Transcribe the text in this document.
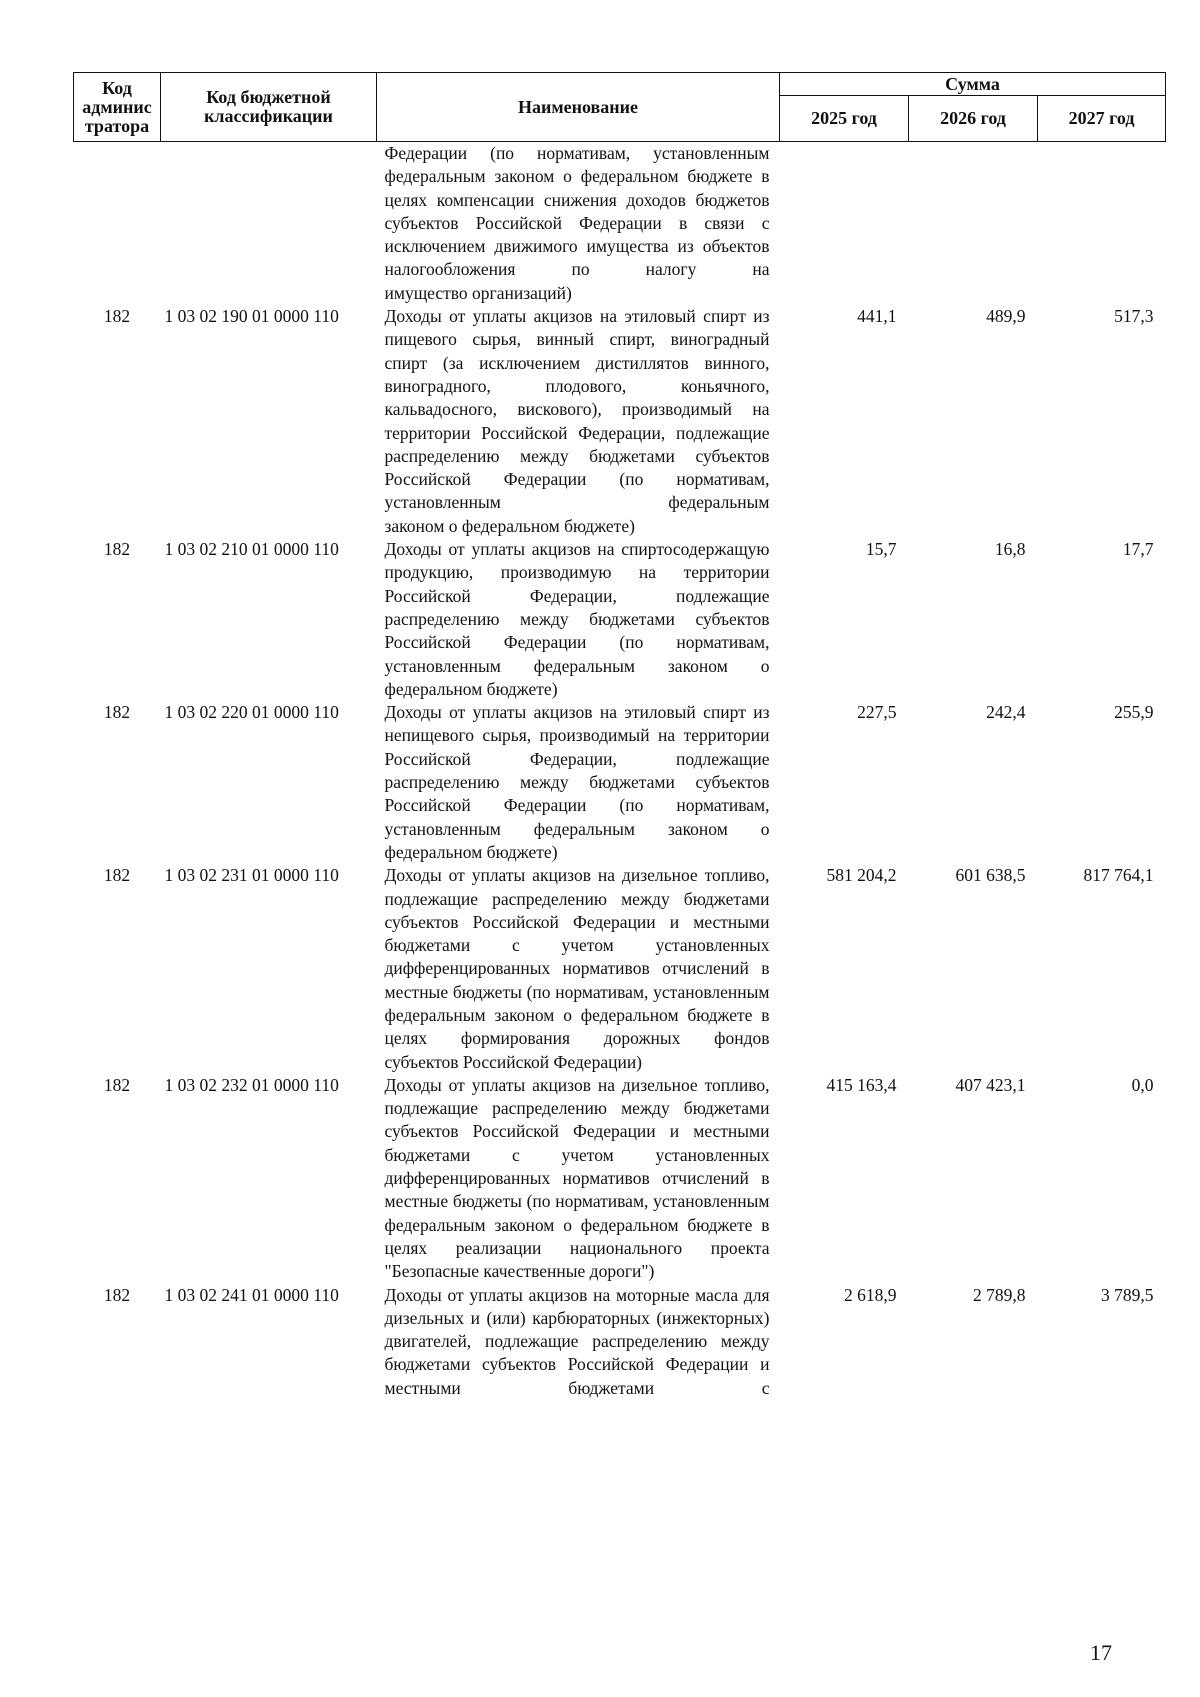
Код
админис
тратора	Код бюджетной
классификации	Наименование	Сумма		
			2025 год	2026 год	2027 год
		Федерации (по нормативам, установленным федеральным законом о федеральном бюджете в целях компенсации снижения доходов бюджетов субъектов Российской Федерации в связи с исключением движимого имущества из объектов налогообложения по налогу на
имущество организаций)			

182	1 03 02 190 01 0000 110	Доходы от уплаты акцизов на этиловый спирт из пищевого сырья, винный спирт, виноградный спирт (за исключением дистиллятов винного, виноградного, плодового, коньячного, кальвадосного, вискового), производимый на территории Российской Федерации, подлежащие распределению между бюджетами субъектов Российской Федерации (по нормативам, установленным федеральным
законом о федеральном бюджете)	441,1	489,9	517,3
182	1 03 02 210 01 0000 110	Доходы от уплаты акцизов на спиртосодержащую продукцию, производимую на территории Российской Федерации, подлежащие распределению между бюджетами субъектов Российской Федерации (по нормативам, установленным федеральным законом о
федеральном бюджете)	15,7	16,8	17,7
182	1 03 02 220 01 0000 110	Доходы от уплаты акцизов на этиловый спирт из непищевого сырья, производимый на территории Российской Федерации, подлежащие распределению между бюджетами субъектов Российской Федерации (по нормативам, установленным федеральным законом о
федеральном бюджете)	227,5	242,4	255,9
182	1 03 02 231 01 0000 110	Доходы от уплаты акцизов на дизельное топливо, подлежащие распределению между бюджетами субъектов Российской Федерации и местными бюджетами с учетом установленных дифференцированных нормативов отчислений в местные бюджеты (по нормативам, установленным федеральным законом о федеральном бюджете в целях формирования дорожных фондов
субъектов Российской Федерации)	581 204,2	601 638,5	817 764,1
182	1 03 02 232 01 0000 110	Доходы от уплаты акцизов на дизельное топливо, подлежащие распределению между бюджетами субъектов Российской Федерации и местными бюджетами с учетом установленных дифференцированных нормативов отчислений в местные бюджеты (по нормативам, установленным федеральным законом о федеральном бюджете в целях реализации национального проекта
"Безопасные качественные дороги")	415 163,4	407 423,1	0,0
182	1 03 02 241 01 0000 110	Доходы от уплаты акцизов на моторные масла для дизельных и (или) карбюраторных (инжекторных) двигателей, подлежащие распределению между бюджетами субъектов Российской Федерации и местными бюджетами с	2 618,9	2 789,8	3 789,5
17
